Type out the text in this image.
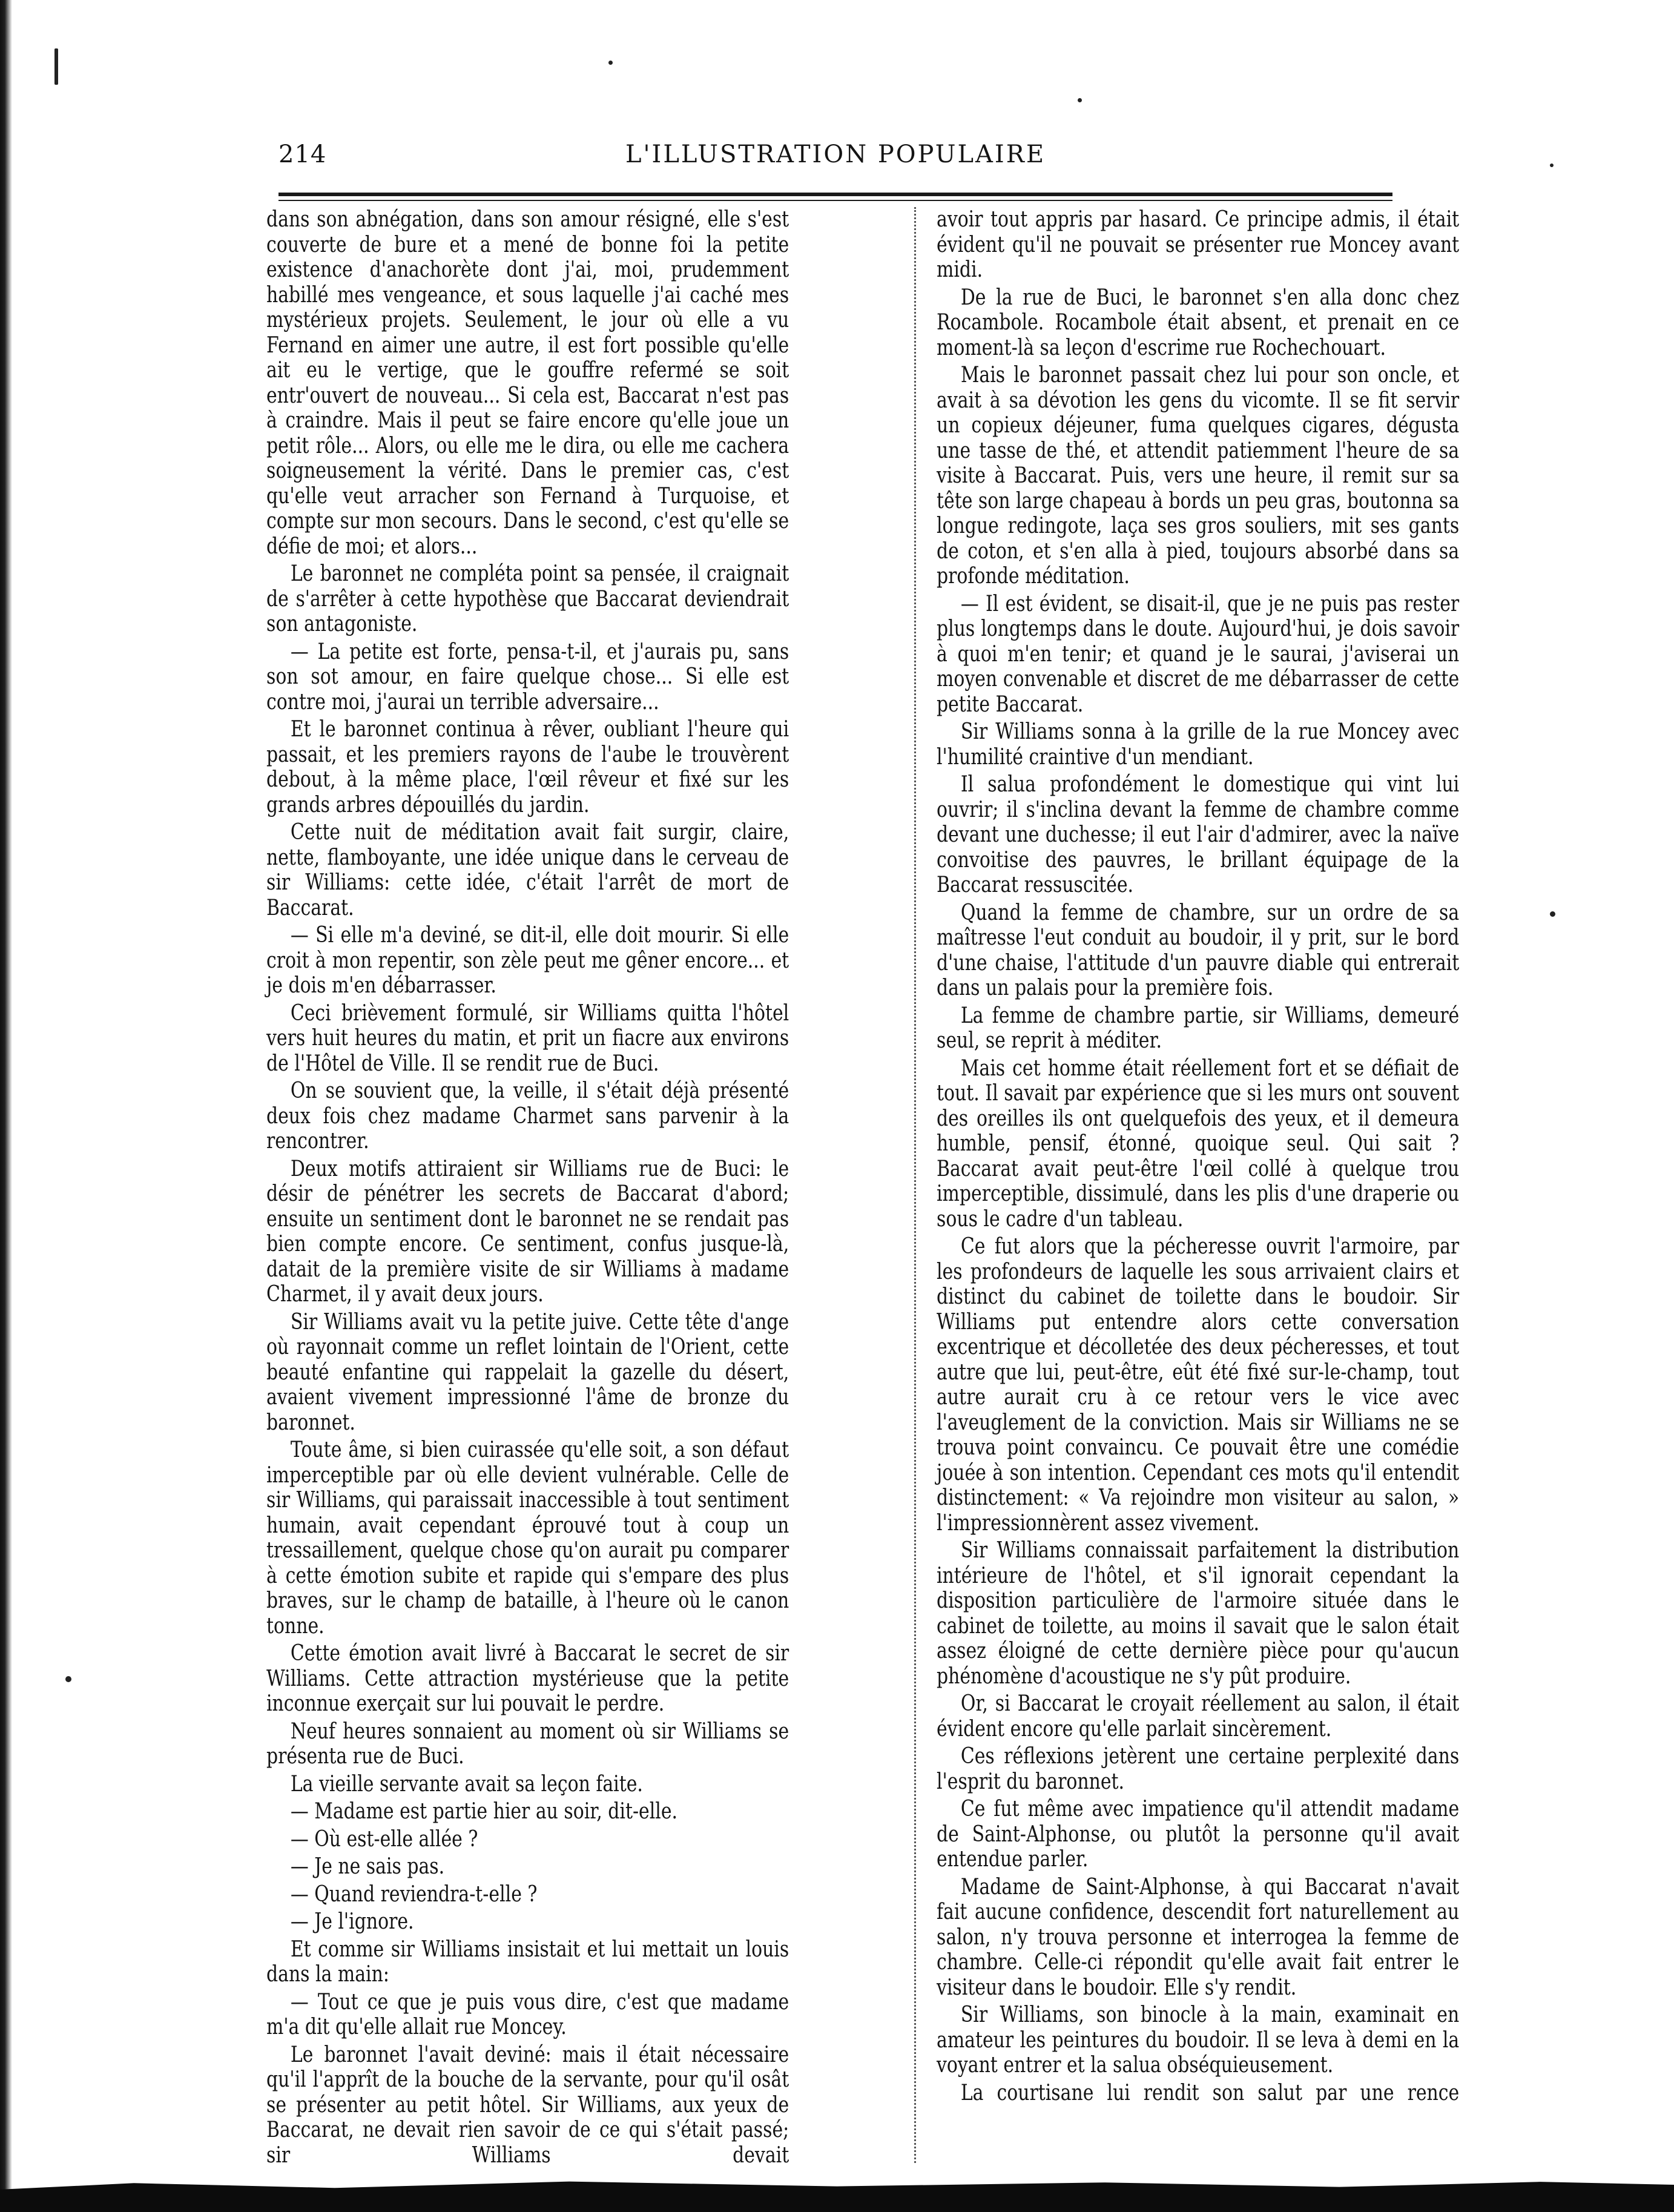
214	L'ILLUSTRATION POPULAIRE

dans son abnégation, dans son amour résigné, elle s'est couverte de bure et a mené de bonne foi la petite existence d'anachorète dont j'ai, moi, prudemment habillé mes vengeance, et sous laquelle j'ai caché mes mystérieux projets. Seulement, le jour où elle a vu Fernand en aimer une autre, il est fort possible qu'elle ait eu le vertige, que le gouffre refermé se soit entr'ouvert de nouveau... Si cela est, Baccarat n'est pas à craindre. Mais il peut se faire encore qu'elle joue un petit rôle... Alors, ou elle me le dira, ou elle me cachera soigneusement la vérité. Dans le premier cas, c'est qu'elle veut arracher son Fernand à Turquoise, et compte sur mon secours. Dans le second, c'est qu'elle se défie de moi; et alors...

Le baronnet ne compléta point sa pensée, il craignait de s'arrêter à cette hypothèse que Baccarat deviendrait son antagoniste.

— La petite est forte, pensa-t-il, et j'aurais pu, sans son sot amour, en faire quelque chose... Si elle est contre moi, j'aurai un terrible adversaire...

Et le baronnet continua à rêver, oubliant l'heure qui passait, et les premiers rayons de l'aube le trouvèrent debout, à la même place, l'œil rêveur et fixé sur les grands arbres dépouillés du jardin.

Cette nuit de méditation avait fait surgir, claire, nette, flamboyante, une idée unique dans le cerveau de sir Williams: cette idée, c'était l'arrêt de mort de Baccarat.

— Si elle m'a deviné, se dit-il, elle doit mourir. Si elle croit à mon repentir, son zèle peut me gêner encore... et je dois m'en débarrasser.

Ceci brièvement formulé, sir Williams quitta l'hôtel vers huit heures du matin, et prit un fiacre aux environs de l'Hôtel de Ville. Il se rendit rue de Buci.

On se souvient que, la veille, il s'était déjà présenté deux fois chez madame Charmet sans parvenir à la rencontrer.

Deux motifs attiraient sir Williams rue de Buci: le désir de pénétrer les secrets de Baccarat d'abord; ensuite un sentiment dont le baronnet ne se rendait pas bien compte encore. Ce sentiment, confus jusque-là, datait de la première visite de sir Williams à madame Charmet, il y avait deux jours.

Sir Williams avait vu la petite juive. Cette tête d'ange où rayonnait comme un reflet lointain de l'Orient, cette beauté enfantine qui rappelait la gazelle du désert, avaient vivement impressionné l'âme de bronze du baronnet.

Toute âme, si bien cuirassée qu'elle soit, a son défaut imperceptible par où elle devient vulnérable. Celle de sir Williams, qui paraissait inaccessible à tout sentiment humain, avait cependant éprouvé tout à coup un tressaillement, quelque chose qu'on aurait pu comparer à cette émotion subite et rapide qui s'empare des plus braves, sur le champ de bataille, à l'heure où le canon tonne.

Cette émotion avait livré à Baccarat le secret de sir Williams. Cette attraction mystérieuse que la petite inconnue exerçait sur lui pouvait le perdre.

Neuf heures sonnaient au moment où sir Williams se présenta rue de Buci.

La vieille servante avait sa leçon faite.

— Madame est partie hier au soir, dit-elle.

— Où est-elle allée ?

— Je ne sais pas.

— Quand reviendra-t-elle ?

— Je l'ignore.

Et comme sir Williams insistait et lui mettait un louis dans la main:

— Tout ce que je puis vous dire, c'est que madame m'a dit qu'elle allait rue Moncey.

Le baronnet l'avait deviné: mais il était nécessaire qu'il l'apprît de la bouche de la servante, pour qu'il osât se présenter au petit hôtel. Sir Williams, aux yeux de Baccarat, ne devait rien savoir de ce qui s'était passé; sir Williams devait

avoir tout appris par hasard. Ce principe admis, il était évident qu'il ne pouvait se présenter rue Moncey avant midi.

De la rue de Buci, le baronnet s'en alla donc chez Rocambole. Rocambole était absent, et prenait en ce moment-là sa leçon d'escrime rue Rochechouart.

Mais le baronnet passait chez lui pour son oncle, et avait à sa dévotion les gens du vicomte. Il se fit servir un copieux déjeuner, fuma quelques cigares, dégusta une tasse de thé, et attendit patiemment l'heure de sa visite à Baccarat. Puis, vers une heure, il remit sur sa tête son large chapeau à bords un peu gras, boutonna sa longue redingote, laça ses gros souliers, mit ses gants de coton, et s'en alla à pied, toujours absorbé dans sa profonde méditation.

— Il est évident, se disait-il, que je ne puis pas rester plus longtemps dans le doute. Aujourd'hui, je dois savoir à quoi m'en tenir; et quand je le saurai, j'aviserai un moyen convenable et discret de me débarrasser de cette petite Baccarat.

Sir Williams sonna à la grille de la rue Moncey avec l'humilité craintive d'un mendiant.

Il salua profondément le domestique qui vint lui ouvrir; il s'inclina devant la femme de chambre comme devant une duchesse; il eut l'air d'admirer, avec la naïve convoitise des pauvres, le brillant équipage de la Baccarat ressuscitée.

Quand la femme de chambre, sur un ordre de sa maîtresse l'eut conduit au boudoir, il y prit, sur le bord d'une chaise, l'attitude d'un pauvre diable qui entrerait dans un palais pour la première fois.

La femme de chambre partie, sir Williams, demeuré seul, se reprit à méditer.

Mais cet homme était réellement fort et se défiait de tout. Il savait par expérience que si les murs ont souvent des oreilles ils ont quelquefois des yeux, et il demeura humble, pensif, étonné, quoique seul. Qui sait ? Baccarat avait peut-être l'œil collé à quelque trou imperceptible, dissimulé, dans les plis d'une draperie ou sous le cadre d'un tableau.

Ce fut alors que la pécheresse ouvrit l'armoire, par les profondeurs de laquelle les sous arrivaient clairs et distinct du cabinet de toilette dans le boudoir. Sir Williams put entendre alors cette conversation excentrique et décolletée des deux pécheresses, et tout autre que lui, peut-être, eût été fixé sur-le-champ, tout autre aurait cru à ce retour vers le vice avec l'aveuglement de la conviction. Mais sir Williams ne se trouva point convaincu. Ce pouvait être une comédie jouée à son intention. Cependant ces mots qu'il entendit distinctement: « Va rejoindre mon visiteur au salon, » l'impressionnèrent assez vivement.

Sir Williams connaissait parfaitement la distribution intérieure de l'hôtel, et s'il ignorait cependant la disposition particulière de l'armoire située dans le cabinet de toilette, au moins il savait que le salon était assez éloigné de cette dernière pièce pour qu'aucun phénomène d'acoustique ne s'y pût produire.

Or, si Baccarat le croyait réellement au salon, il était évident encore qu'elle parlait sincèrement.

Ces réflexions jetèrent une certaine perplexité dans l'esprit du baronnet.

Ce fut même avec impatience qu'il attendit madame de Saint-Alphonse, ou plutôt la personne qu'il avait entendue parler.

Madame de Saint-Alphonse, à qui Baccarat n'avait fait aucune confidence, descendit fort naturellement au salon, n'y trouva personne et interrogea la femme de chambre. Celle-ci répondit qu'elle avait fait entrer le visiteur dans le boudoir. Elle s'y rendit.

Sir Williams, son binocle à la main, examinait en amateur les peintures du boudoir. Il se leva à demi en la voyant entrer et la salua obséquieusement.

La courtisane lui rendit son salut par une rence
